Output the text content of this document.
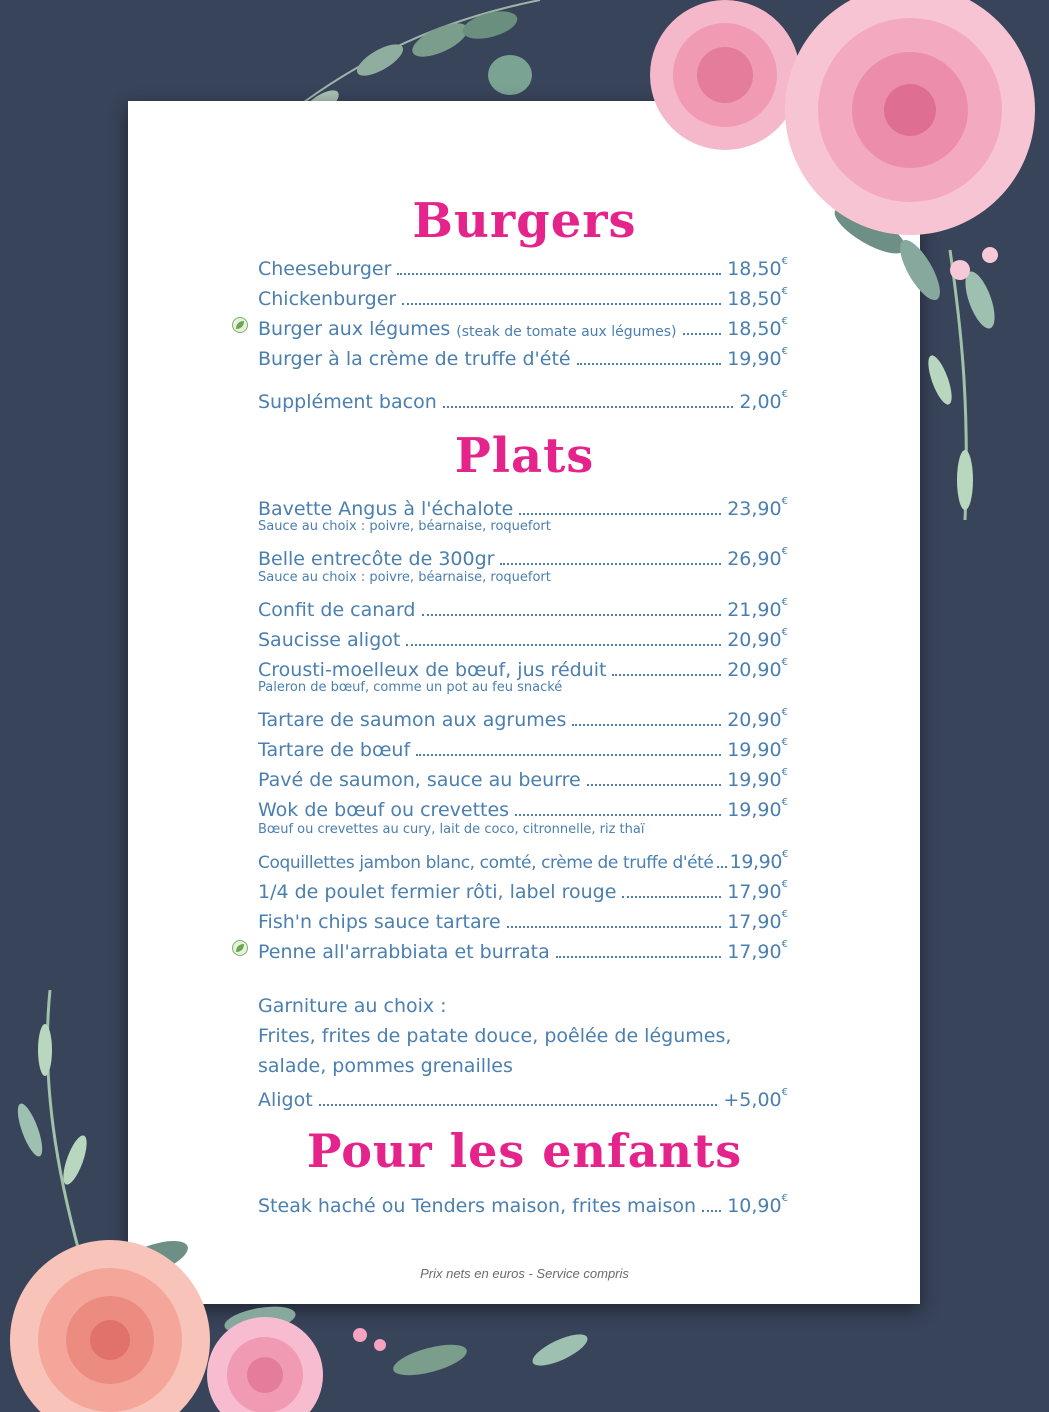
Burgers
Cheeseburger	18,50€
Chickenburger	18,50€
Burger aux légumes (steak de tomate aux légumes)	18,50€
Burger à la crème de truffe d'été	19,90€
Supplément bacon	2,00€
Plats
Bavette Angus à l'échalote	23,90€
Sauce au choix : poivre, béarnaise, roquefort
Belle entrecôte de 300gr	26,90€
Sauce au choix : poivre, béarnaise, roquefort
Confit de canard	21,90€
Saucisse aligot	20,90€
Crousti-moelleux de bœuf, jus réduit	20,90€
Paleron de bœuf, comme un pot au feu snacké
Tartare de saumon aux agrumes	20,90€
Tartare de bœuf	19,90€
Pavé de saumon, sauce au beurre	19,90€
Wok de bœuf ou crevettes	19,90€
Bœuf ou crevettes au cury, lait de coco, citronnelle, riz thaï
Coquillettes jambon blanc, comté, crème de truffe d'été 19,90€
1/4 de poulet fermier rôti, label rouge	17,90€
Fish'n chips sauce tartare	17,90€
Penne all'arrabbiata et burrata	17,90€
Garniture au choix :
Frites, frites de patate douce, poêlée de légumes,
salade, pommes grenailles
Aligot	+5,00€
Pour les enfants
Steak haché ou Tenders maison, frites maison 10,90€
Prix nets en euros - Service compris
